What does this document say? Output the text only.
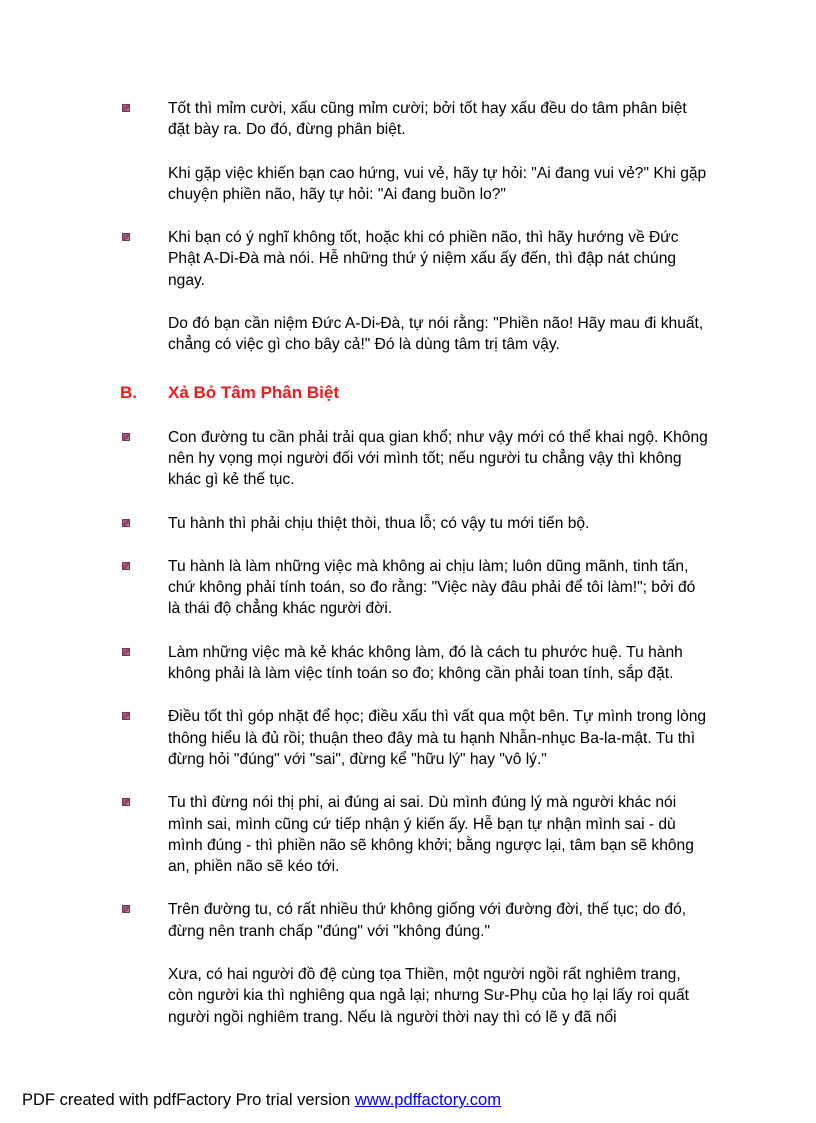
Tốt thì mỉm cười, xấu cũng mỉm cười; bởi tốt hay xấu đều do tâm phân biệt đặt bày ra. Do đó, đừng phân biệt.
Khi gặp việc khiến bạn cao hứng, vui vẻ, hãy tự hỏi: "Ai đang vui vẻ?" Khi gặp chuyện phiền não, hãy tự hỏi: "Ai đang buồn lo?"
Khi bạn có ý nghĩ không tốt, hoặc khi có phiền não, thì hãy hướng về Đức Phật A-Di-Đà mà nói. Hễ những thứ ý niệm xấu ấy đến, thì đập nát chúng ngay.
Do đó bạn cần niệm Đức A-Di-Đà, tự nói rằng: "Phiền não! Hãy mau đi khuất, chẳng có việc gì cho bây cả!" Đó là dùng tâm trị tâm vậy.
B.	Xả Bỏ Tâm Phân Biệt
Con đường tu cần phải trải qua gian khổ; như vậy mới có thể khai ngộ. Không nên hy vọng mọi người đối với mình tốt; nếu người tu chẳng vậy thì không khác gì kẻ thế tục.
Tu hành thì phải chịu thiệt thòi, thua lỗ; có vậy tu mới tiến bộ.
Tu hành là làm những việc mà không ai chịu làm; luôn dũng mãnh, tinh tấn, chứ không phải tính toán, so đo rằng: "Việc này đâu phải để tôi làm!"; bởi đó là thái độ chẳng khác người đời.
Làm những việc mà kẻ khác không làm, đó là cách tu phước huệ. Tu hành không phải là làm việc tính toán so đo; không cần phải toan tính, sắp đặt.
Điều tốt thì góp nhặt để học; điều xấu thì vất qua một bên. Tự mình trong lòng thông hiểu là đủ rồi; thuận theo đây mà tu hạnh Nhẫn-nhục Ba-la-mật. Tu thì đừng hỏi "đúng" với "sai", đừng kể "hữu lý" hay "vô lý."
Tu thì đừng nói thị phi, ai đúng ai sai. Dù mình đúng lý mà người khác nói mình sai, mình cũng cứ tiếp nhận ý kiến ấy. Hễ bạn tự nhận mình sai - dù mình đúng - thì phiền não sẽ không khởi; bằng ngược lại, tâm bạn sẽ không an, phiền não sẽ kéo tới.
Trên đường tu, có rất nhiều thứ không giống với đường đời, thế tục; do đó, đừng nên tranh chấp "đúng" với "không đúng."
Xưa, có hai người đồ đệ cùng tọa Thiền, một người ngồi rất nghiêm trang, còn người kia thì nghiêng qua ngả lại; nhưng Sư-Phụ của họ lại lấy roi quất người ngồi nghiêm trang. Nếu là người thời nay thì có lẽ y đã nổi
PDF created with pdfFactory Pro trial version www.pdffactory.com
